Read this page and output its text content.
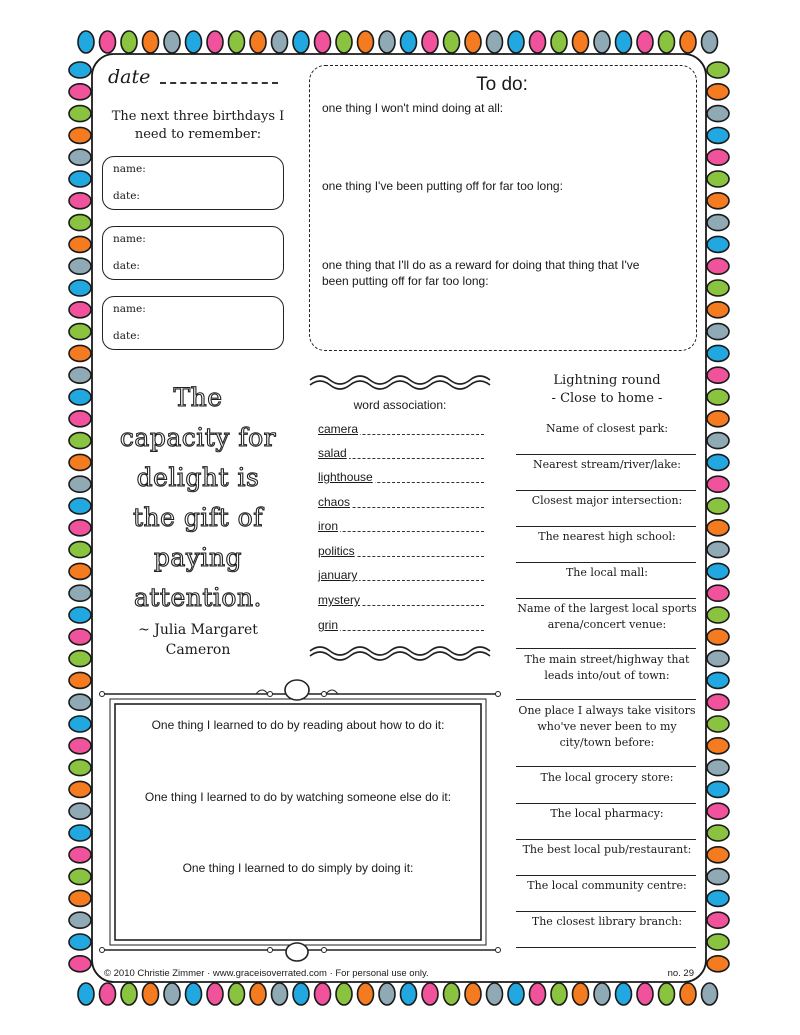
date
The next three birthdays I need to remember:
name:
date:
name:
date:
name:
date:
To do:
one thing I won't mind doing at all:
one thing I've been putting off for far too long:
one thing that I'll do as a reward for doing that thing that I've been putting off for far too long:
The
capacity for
delight is
the gift of
paying
attention.
~ Julia Margaret
Cameron
word association:
camera
salad
lighthouse
chaos
iron
politics
january
mystery
grin
Lightning round
- Close to home -
Name of closest park:
Nearest stream/river/lake:
Closest major intersection:
The nearest high school:
The local mall:
Name of the largest local sports arena/concert venue:
The main street/highway that leads into/out of town:
One place I always take visitors who've never been to my city/town before:
The local grocery store:
The local pharmacy:
The best local pub/restaurant:
The local community centre:
The closest library branch:
One thing I learned to do by reading about how to do it:
One thing I learned to do by watching someone else do it:
One thing I learned to do simply by doing it:
© 2010 Christie Zimmer · www.graceisoverrated.com · For personal use only.	no. 29
